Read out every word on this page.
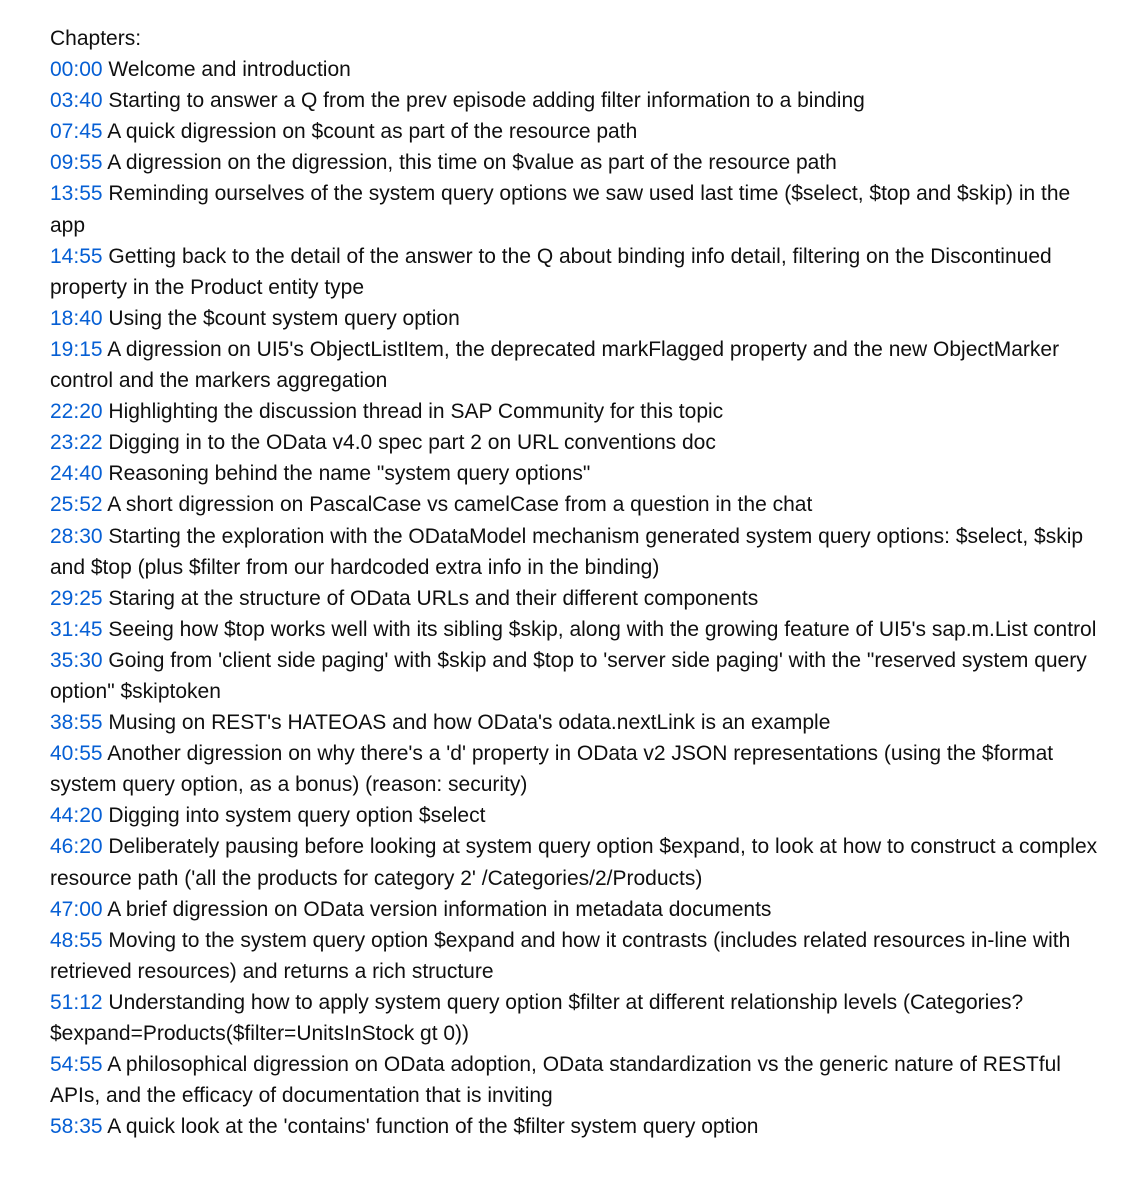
Chapters:
00:00 Welcome and introduction
03:40 Starting to answer a Q from the prev episode adding filter information to a binding
07:45 A quick digression on $count as part of the resource path
09:55 A digression on the digression, this time on $value as part of the resource path
13:55 Reminding ourselves of the system query options we saw used last time ($select, $top and $skip) in the app
14:55 Getting back to the detail of the answer to the Q about binding info detail, filtering on the Discontinued property in the Product entity type
18:40 Using the $count system query option
19:15 A digression on UI5's ObjectListItem, the deprecated markFlagged property and the new ObjectMarker control and the markers aggregation
22:20 Highlighting the discussion thread in SAP Community for this topic
23:22 Digging in to the OData v4.0 spec part 2 on URL conventions doc
24:40 Reasoning behind the name "system query options"
25:52 A short digression on PascalCase vs camelCase from a question in the chat
28:30 Starting the exploration with the ODataModel mechanism generated system query options: $select, $skip and $top (plus $filter from our hardcoded extra info in the binding)
29:25 Staring at the structure of OData URLs and their different components
31:45 Seeing how $top works well with its sibling $skip, along with the growing feature of UI5's sap.m.List control
35:30 Going from 'client side paging' with $skip and $top to 'server side paging' with the "reserved system query option" $skiptoken
38:55 Musing on REST's HATEOAS and how OData's odata.nextLink is an example
40:55 Another digression on why there's a 'd' property in OData v2 JSON representations (using the $format system query option, as a bonus) (reason: security)
44:20 Digging into system query option $select
46:20 Deliberately pausing before looking at system query option $expand, to look at how to construct a complex resource path ('all the products for category 2' /Categories/2/Products)
47:00 A brief digression on OData version information in metadata documents
48:55 Moving to the system query option $expand and how it contrasts (includes related resources in-line with retrieved resources) and returns a rich structure
51:12 Understanding how to apply system query option $filter at different relationship levels (Categories?$expand=Products($filter=UnitsInStock gt 0))
54:55 A philosophical digression on OData adoption, OData standardization vs the generic nature of RESTful APIs, and the efficacy of documentation that is inviting
58:35 A quick look at the 'contains' function of the $filter system query option
